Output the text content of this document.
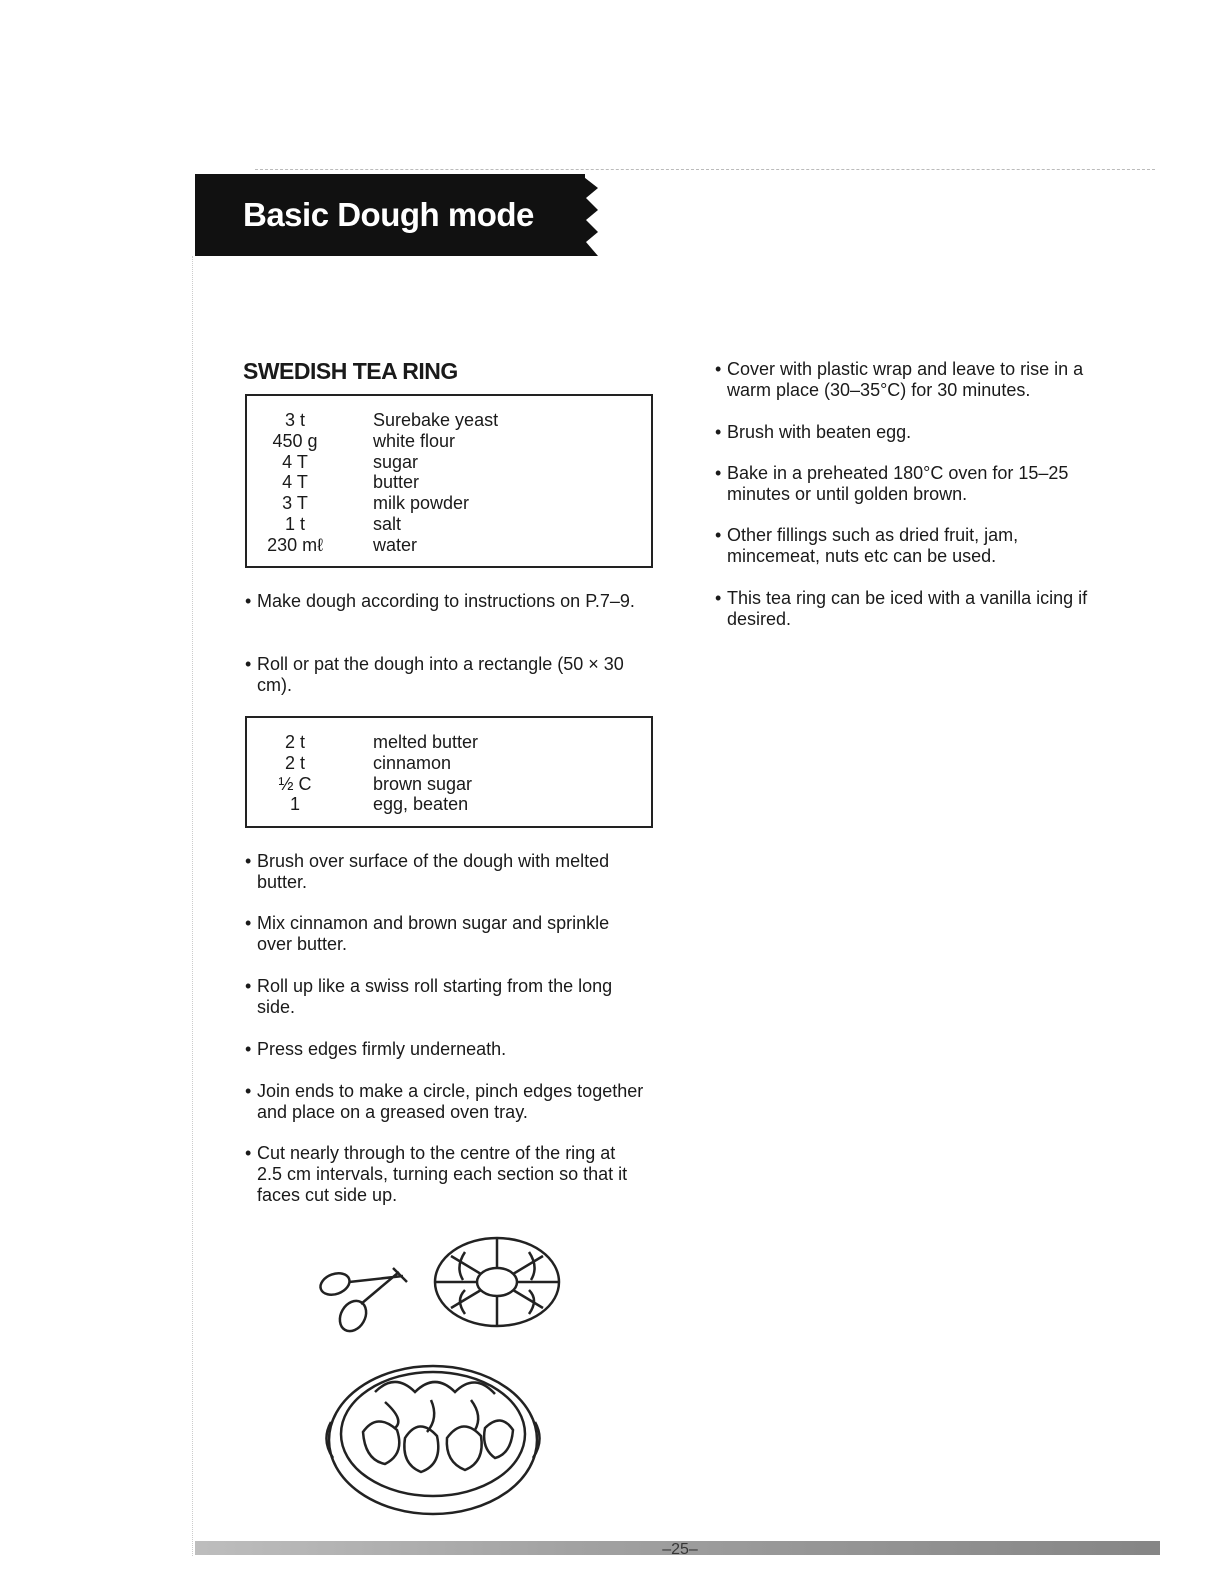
Basic Dough mode
SWEDISH TEA RING
3 t	Surebake yeast
450 g	white flour
4 T	sugar
4 T	butter
3 T	milk powder
1 t	salt
230 mℓ	water
• Make dough according to instructions on P.7–9.
• Roll or pat the dough into a rectangle (50 × 30 cm).
2 t	melted butter
2 t	cinnamon
½ C	brown sugar
1	egg, beaten
• Brush over surface of the dough with melted butter.
• Mix cinnamon and brown sugar and sprinkle over butter.
• Roll up like a swiss roll starting from the long side.
• Press edges firmly underneath.
• Join ends to make a circle, pinch edges together and place on a greased oven tray.
• Cut nearly through to the centre of the ring at 2.5 cm intervals, turning each section so that it faces cut side up.
• Cover with plastic wrap and leave to rise in a warm place (30–35°C) for 30 minutes.
• Brush with beaten egg.
• Bake in a preheated 180°C oven for 15–25 minutes or until golden brown.
• Other fillings such as dried fruit, jam, mincemeat, nuts etc can be used.
• This tea ring can be iced with a vanilla icing if desired.
